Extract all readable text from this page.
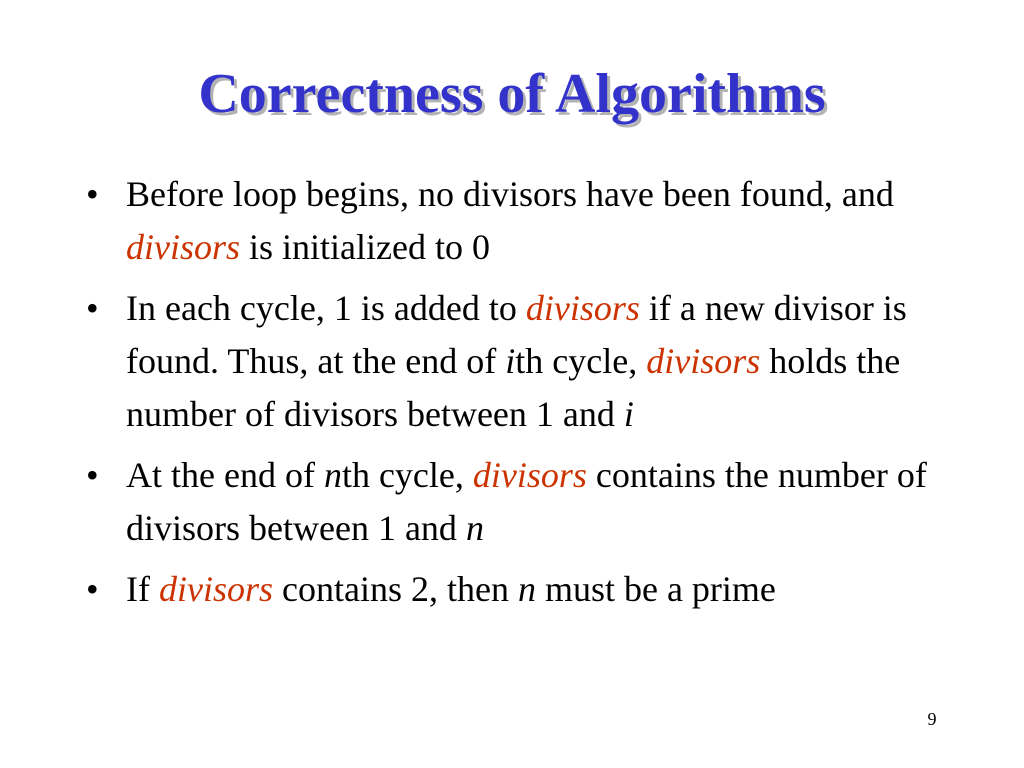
Correctness of Algorithms
• Before loop begins, no divisors have been found, and divisors is initialized to 0
• In each cycle, 1 is added to divisors if a new divisor is found. Thus, at the end of ith cycle, divisors holds the number of divisors between 1 and i
• At the end of nth cycle, divisors contains the number of divisors between 1 and n
• If divisors contains 2, then n must be a prime
9
